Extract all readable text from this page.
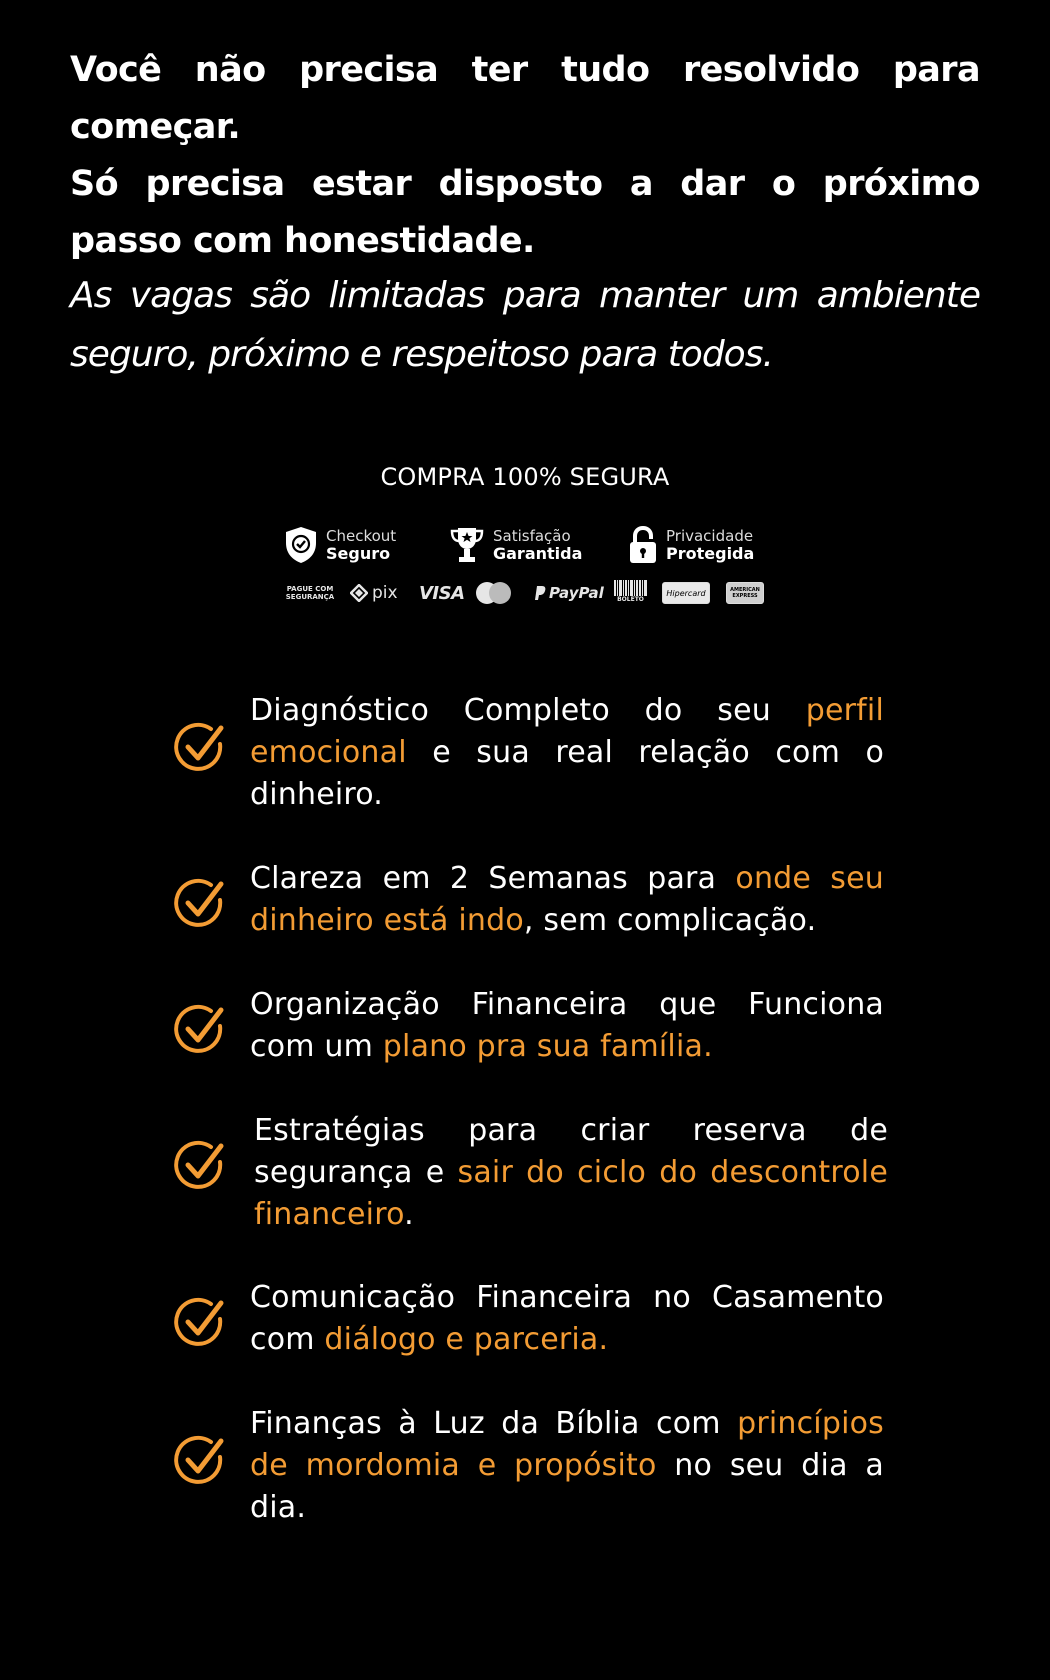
Você não precisa ter tudo resolvido para começar.

Só precisa estar disposto a dar o próximo passo com honestidade.

As vagas são limitadas para manter um ambiente seguro, próximo e respeitoso para todos.

COMPRA 100% SEGURA
Checkout
Seguro
Satisfação
Garantida
Privacidade
Protegida
PAGUE COM SEGURANÇA pix VISA	PayPal BOLETO
Hipercard	AMERICAN EXPRESS

Diagnóstico Completo do seu perfil emocional e sua real relação com o dinheiro.

Clareza em 2 Semanas para onde seu dinheiro está indo, sem complicação.

Organização Financeira que Funciona com um plano pra sua família.

Estratégias para criar reserva de segurança e sair do ciclo do descontrole financeiro.

Comunicação Financeira no Casamento com diálogo e parceria.

Finanças à Luz da Bíblia com princípios de mordomia e propósito no seu dia a dia.
